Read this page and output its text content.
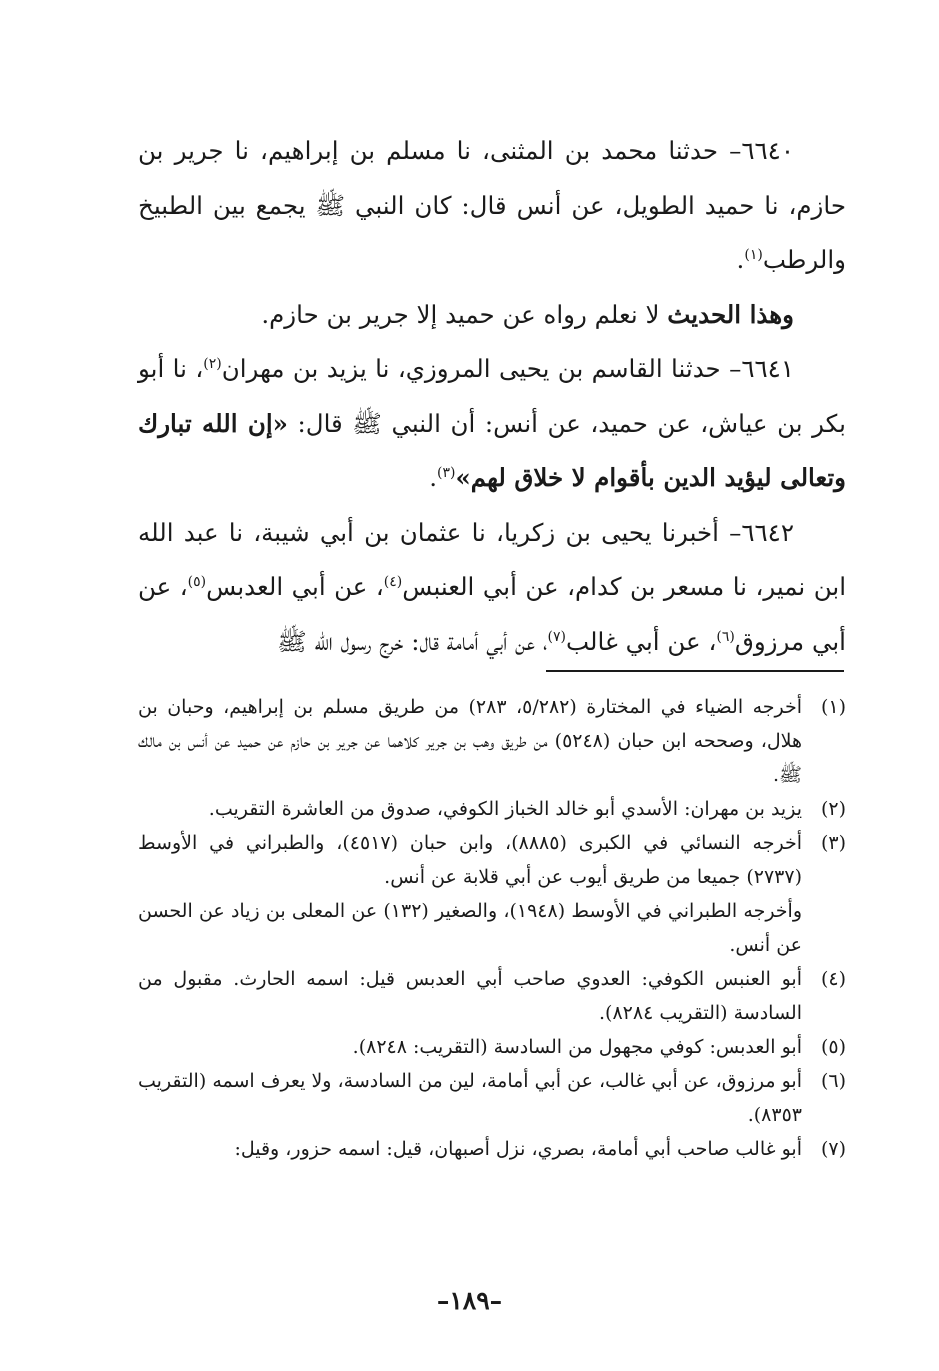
٦٦٤٠– حدثنا محمد بن المثنى، نا مسلم بن إبراهيم، نا جرير بن حازم، نا حميد الطويل، عن أنس قال: كان النبي ﷺ يجمع بين الطبيخ والرطب$^{(١)}$.

وهذا الحديث لا نعلم رواه عن حميد إلا جرير بن حازم.

٦٦٤١– حدثنا القاسم بن يحيى المروزي، نا يزيد بن مهران$^{(٢)}$، نا أبو بكر بن عياش، عن حميد، عن أنس: أن النبي ﷺ قال: «إن الله تبارك وتعالى ليؤيد الدين بأقوام لا خلاق لهم»$^{(٣)}$.

٦٦٤٢– أخبرنا يحيى بن زكريا، نا عثمان بن أبي شيبة، نا عبد الله ابن نمير، نا مسعر بن كدام، عن أبي العنبس$^{(٤)}$، عن أبي العدبس$^{(٥)}$، عن أبي مرزوق$^{(٦)}$، عن أبي غالب$^{(٧)}$، عن أبي أمامة قال: خرج رسول الله ﷺ

(١)
أخرجه الضياء في المختارة (٥/٢٨٢، ٢٨٣) من طريق مسلم بن إبراهيم، وحبان بن هلال، وصححه ابن حبان (٥٢٤٨) من طريق وهب بن جرير كلاهما عن جرير بن حازم عن حميد عن أنس بن مالك ﷺ.
(٢)
يزيد بن مهران: الأسدي أبو خالد الخباز الكوفي، صدوق من العاشرة التقريب.
(٣)
أخرجه النسائي في الكبرى (٨٨٨٥)، وابن حبان (٤٥١٧)، والطبراني في الأوسط (٢٧٣٧) جميعا من طريق أيوب عن أبي قلابة عن أنس.
وأخرجه الطبراني في الأوسط (١٩٤٨)، والصغير (١٣٢) عن المعلى بن زياد عن الحسن عن أنس.
(٤)
أبو العنبس الكوفي: العدوي صاحب أبي العدبس قيل: اسمه الحارث. مقبول من السادسة (التقريب ٨٢٨٤).
(٥)
أبو العدبس: كوفي مجهول من السادسة (التقريب: ٨٢٤٨).
(٦)
أبو مرزوق، عن أبي غالب، عن أبي أمامة، لين من السادسة، ولا يعرف اسمه (التقريب ٨٣٥٣).
(٧)
أبو غالب صاحب أبي أمامة، بصري، نزل أصبهان، قيل: اسمه حزور، وقيل:
–١٨٩–
